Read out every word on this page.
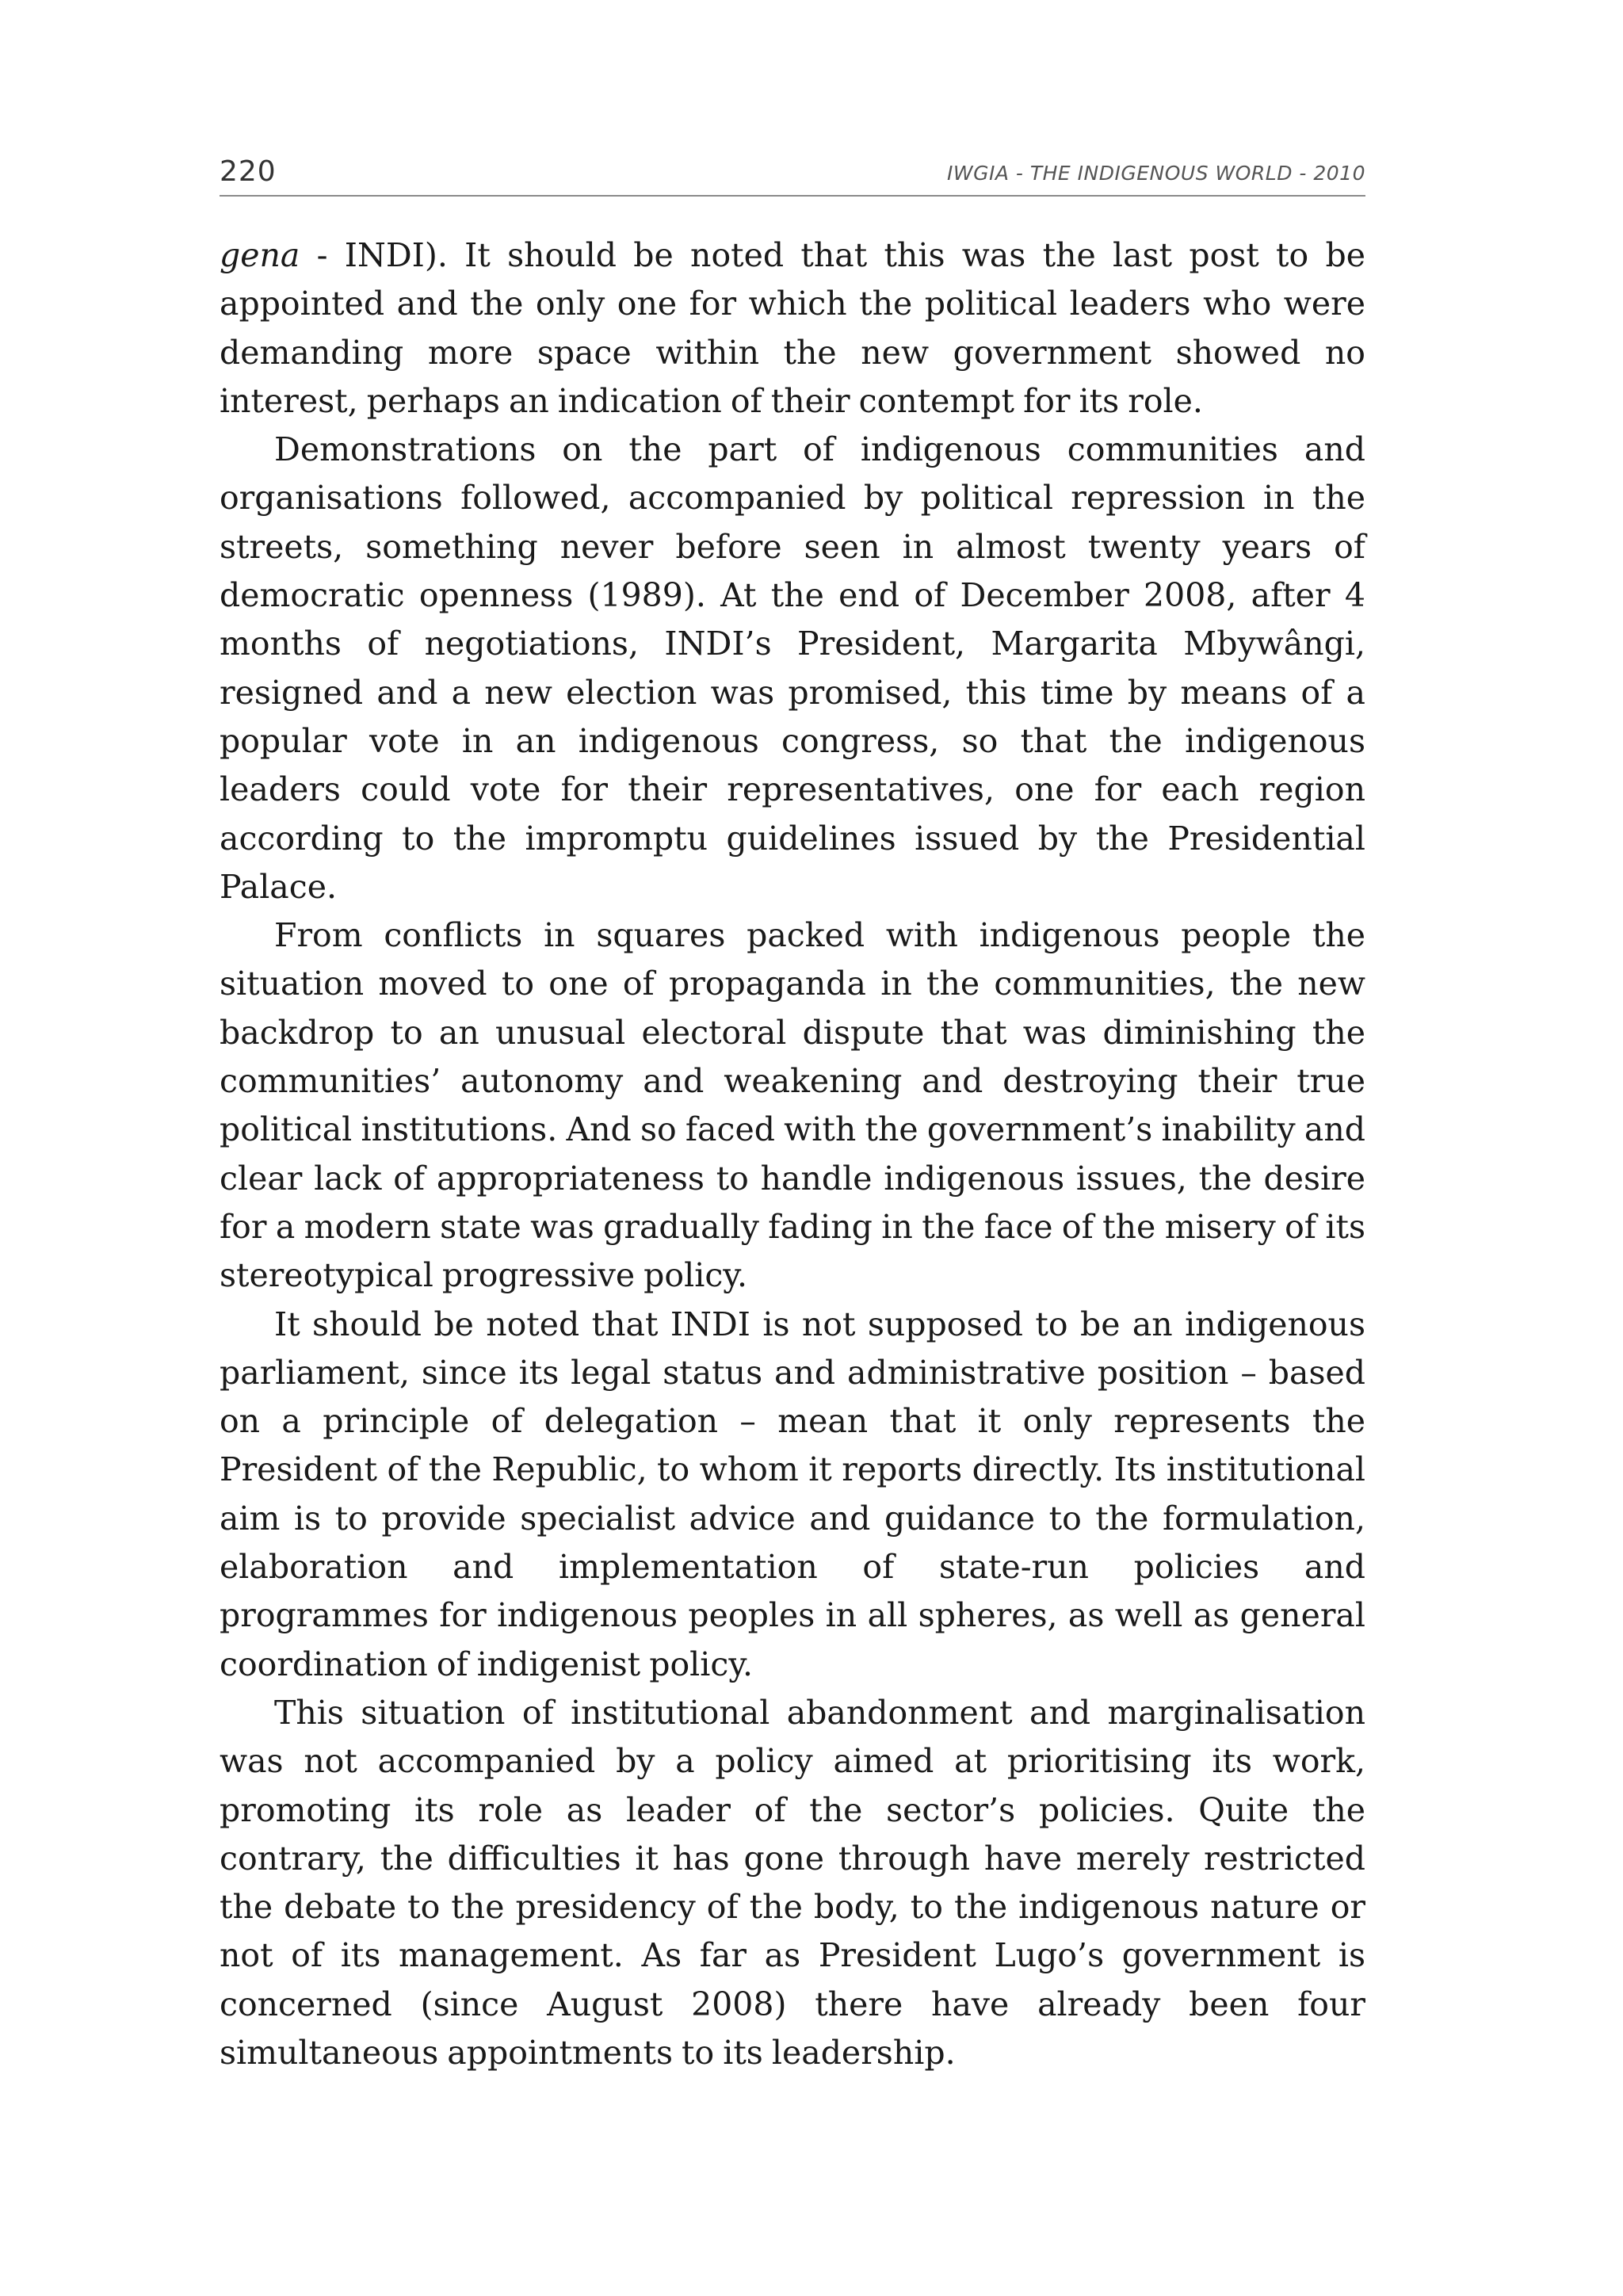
220	IWGIA - THE INDIGENOUS WORLD - 2010

gena - INDI). It should be noted that this was the last post to be appointed and the only one for which the political leaders who were demanding more space within the new government showed no interest, perhaps an indication of their contempt for its role.

Demonstrations on the part of indigenous communities and organisations followed, accompanied by political repression in the streets, something never before seen in almost twenty years of democratic openness (1989). At the end of December 2008, after 4 months of negotiations, INDI’s President, Margarita Mbywângi, resigned and a new election was promised, this time by means of a popular vote in an indigenous congress, so that the indigenous leaders could vote for their representatives, one for each region according to the impromptu guidelines issued by the Presidential Palace.

From conflicts in squares packed with indigenous people the situation moved to one of propaganda in the communities, the new backdrop to an unusual electoral dispute that was diminishing the communities’ autonomy and weakening and destroying their true political institutions. And so faced with the government’s inability and clear lack of appropriateness to handle indigenous issues, the desire for a modern state was gradually fading in the face of the misery of its stereotypical progressive policy.

It should be noted that INDI is not supposed to be an indigenous parliament, since its legal status and administrative position – based on a principle of delegation – mean that it only represents the President of the Republic, to whom it reports directly. Its institutional aim is to provide specialist advice and guidance to the formulation, elaboration and implementation of state-run policies and programmes for indigenous peoples in all spheres, as well as general coordination of indigenist policy.

This situation of institutional abandonment and marginalisation was not accompanied by a policy aimed at prioritising its work, promoting its role as leader of the sector’s policies. Quite the contrary, the difficulties it has gone through have merely restricted the debate to the presidency of the body, to the indigenous nature or not of its management. As far as President Lugo’s government is concerned (since August 2008) there have already been four simultaneous appointments to its leadership.
